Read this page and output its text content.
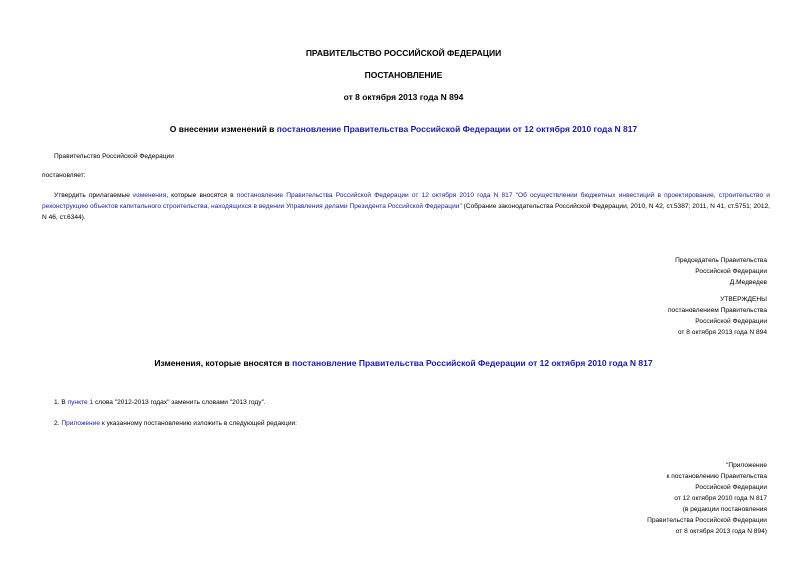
ПРАВИТЕЛЬСТВО РОССИЙСКОЙ ФЕДЕРАЦИИ
ПОСТАНОВЛЕНИЕ
от 8 октября 2013 года N 894
О внесении изменений в постановление Правительства Российской Федерации от 12 октября 2010 года N 817
Правительство Российской Федерации
постановляет:
Утвердить прилагаемые изменения, которые вносятся в постановление Правительства Российской Федерации от 12 октября 2010 года N 817 "Об осуществлении бюджетных инвестиций в проектирование, строительство и реконструкцию объектов капитального строительства, находящихся в ведении Управления делами Президента Российской Федерации" (Собрание законодательства Российской Федерации, 2010, N 42, ст.5387; 2011, N 41, ст.5751; 2012, N 46, ст.6344).
Председатель Правительства
Российской Федерации
Д.Медведев
УТВЕРЖДЕНЫ
постановлением Правительства
Российской Федерации
от 8 октября 2013 года N 894
Изменения, которые вносятся в постановление Правительства Российской Федерации от 12 октября 2010 года N 817
1. В пункте 1 слова "2012-2013 годах" заменить словами "2013 году".
2. Приложение к указанному постановлению изложить в следующей редакции:
"Приложение
к постановлению Правительства
Российской Федерации
от 12 октября 2010 года N 817
(в редакции постановления
Правительства Российской Федерации
от 8 октября 2013 года N 894)
